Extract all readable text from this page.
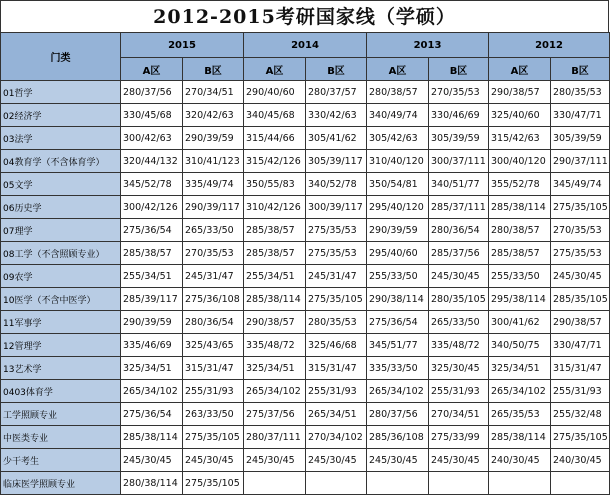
2012-2015考研国家线（学硕）
门类	2015		2014		2013		2012	
	A区	B区	A区	B区	A区	B区	A区	B区
01哲学	280/37/56	270/34/51	290/40/60	280/37/57	280/38/57	270/35/53	290/38/57	280/35/53
02经济学	330/45/68	320/42/63	340/45/68	330/42/63	340/49/74	330/46/69	325/40/60	330/47/71
03法学	300/42/63	290/39/59	315/44/66	305/41/62	305/42/63	305/39/59	315/42/63	305/39/59
04教育学（不含体育学）	320/44/132	310/41/123	315/42/126	305/39/117	310/40/120	300/37/111	300/40/120	290/37/111
05文学	345/52/78	335/49/74	350/55/83	340/52/78	350/54/81	340/51/77	355/52/78	345/49/74
06历史学	300/42/126	290/39/117	310/42/126	300/39/117	295/40/120	285/37/111	285/38/114	275/35/105
07理学	275/36/54	265/33/50	285/38/57	275/35/53	290/39/59	280/36/54	280/38/57	270/35/53
08工学（不含照顾专业）	285/38/57	270/35/53	285/38/57	275/35/53	295/40/60	285/37/56	285/38/57	275/35/53
09农学	255/34/51	245/31/47	255/34/51	245/31/47	255/33/50	245/30/45	255/33/50	245/30/45
10医学（不含中医学）	285/39/117	275/36/108	285/38/114	275/35/105	290/38/114	280/35/105	295/38/114	285/35/105
11军事学	290/39/59	280/36/54	290/38/57	280/35/53	275/36/54	265/33/50	300/41/62	290/38/57
12管理学	335/46/69	325/43/65	335/48/72	325/46/68	345/51/77	335/48/72	340/50/75	330/47/71
13艺术学	325/34/51	315/31/47	325/34/51	315/31/47	335/33/50	325/30/45	325/34/51	315/31/47
0403体育学	265/34/102	255/31/93	265/34/102	255/31/93	265/34/102	255/31/93	265/34/102	255/31/93
工学照顾专业	275/36/54	263/33/50	275/37/56	265/34/51	280/37/56	270/34/51	265/35/53	255/32/48
中医类专业	285/38/114	275/35/105	280/37/111	270/34/102	285/36/108	275/33/99	285/38/114	275/35/105
少干考生	245/30/45	245/30/45	245/30/45	245/30/45	245/30/45	245/30/45	240/30/45	240/30/45
临床医学照顾专业	280/38/114	275/35/105						
